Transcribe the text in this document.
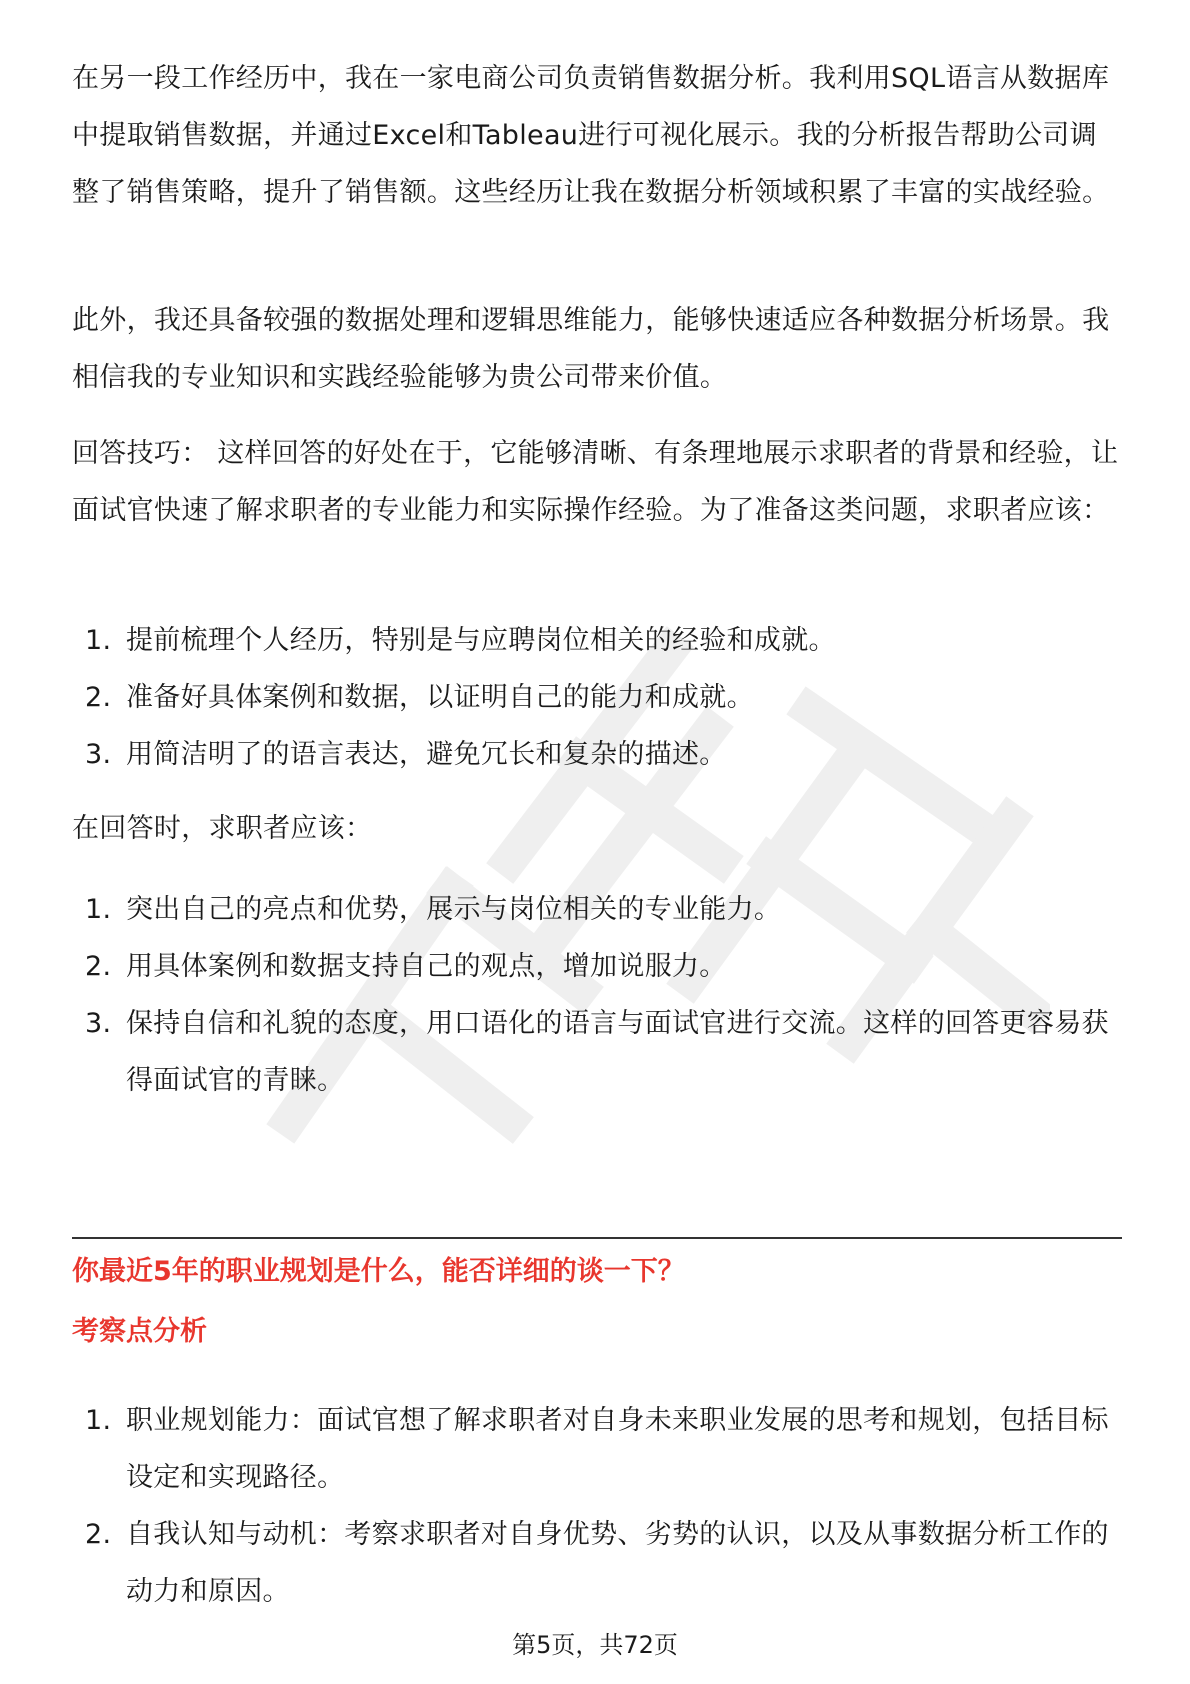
在另一段工作经历中，我在一家电商公司负责销售数据分析。我利用SQL语言从数据库中提取销售数据，并通过Excel和Tableau进行可视化展示。我的分析报告帮助公司调整了销售策略，提升了销售额。这些经历让我在数据分析领域积累了丰富的实战经验。

此外，我还具备较强的数据处理和逻辑思维能力，能够快速适应各种数据分析场景。我相信我的专业知识和实践经验能够为贵公司带来价值。

回答技巧： 这样回答的好处在于，它能够清晰、有条理地展示求职者的背景和经验，让面试官快速了解求职者的专业能力和实际操作经验。为了准备这类问题，求职者应该：

1. 提前梳理个人经历，特别是与应聘岗位相关的经验和成就。
2. 准备好具体案例和数据，以证明自己的能力和成就。
3. 用简洁明了的语言表达，避免冗长和复杂的描述。

在回答时，求职者应该：

1. 突出自己的亮点和优势，展示与岗位相关的专业能力。
2. 用具体案例和数据支持自己的观点，增加说服力。
3. 保持自信和礼貌的态度，用口语化的语言与面试官进行交流。这样的回答更容易获得面试官的青睐。
你最近5年的职业规划是什么，能否详细的谈一下？
考察点分析
1. 职业规划能力：面试官想了解求职者对自身未来职业发展的思考和规划，包括目标设定和实现路径。
2. 自我认知与动机：考察求职者对自身优势、劣势的认识，以及从事数据分析工作的动力和原因。
第5页，共72页
